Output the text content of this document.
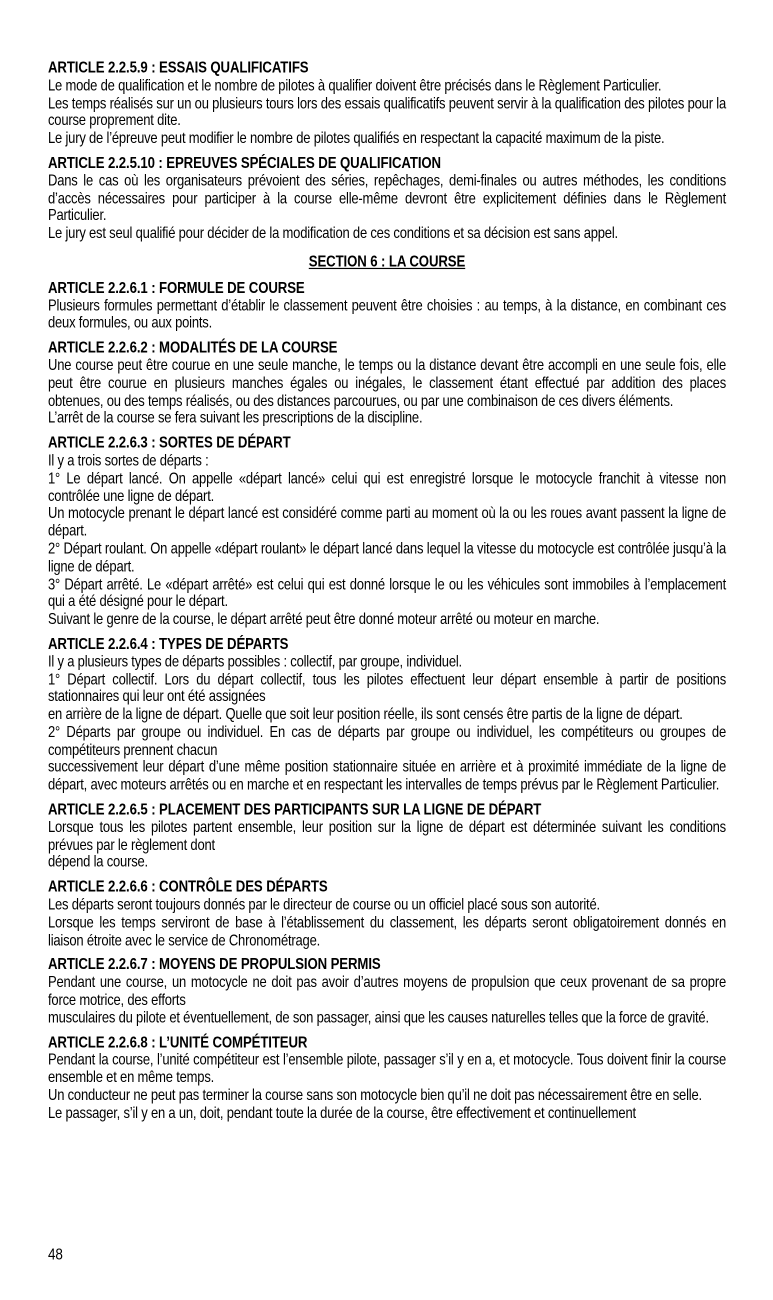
ARTICLE 2.2.5.9 : ESSAIS QUALIFICATIFS

Le mode de qualification et le nombre de pilotes à qualifier doivent être précisés dans le Règlement Particulier.

Les temps réalisés sur un ou plusieurs tours lors des essais qualificatifs peuvent servir à la qualification des pilotes pour la course proprement dite.

Le jury de l’épreuve peut modifier le nombre de pilotes qualifiés en respectant la capacité maximum de la piste.

ARTICLE 2.2.5.10 : EPREUVES SPÉCIALES DE QUALIFICATION

Dans le cas où les organisateurs prévoient des séries, repêchages, demi-finales ou autres méthodes, les conditions d’accès nécessaires pour participer à la course elle-même devront être explicitement définies dans le Règlement Particulier.

Le jury est seul qualifié pour décider de la modification de ces conditions et sa décision est sans appel.

SECTION 6 : LA COURSE
ARTICLE 2.2.6.1 : FORMULE DE COURSE

Plusieurs formules permettant d’établir le classement peuvent être choisies : au temps, à la distance, en combinant ces deux formules, ou aux points.

ARTICLE 2.2.6.2 : MODALITÉS DE LA COURSE

Une course peut être courue en une seule manche, le temps ou la distance devant être accompli en une seule fois, elle peut être courue en plusieurs manches égales ou inégales, le classement étant effectué par addition des places obtenues, ou des temps réalisés, ou des distances parcourues, ou par une combinaison de ces divers éléments.

L’arrêt de la course se fera suivant les prescriptions de la discipline.

ARTICLE 2.2.6.3 : SORTES DE DÉPART

Il y a trois sortes de départs :

1° Le départ lancé. On appelle «départ lancé» celui qui est enregistré lorsque le motocycle franchit à vitesse non contrôlée une ligne de départ.

Un motocycle prenant le départ lancé est considéré comme parti au moment où la ou les roues avant passent la ligne de départ.

2° Départ roulant. On appelle «départ roulant» le départ lancé dans lequel la vitesse du motocycle est contrôlée jusqu’à la ligne de départ.

3° Départ arrêté. Le «départ arrêté» est celui qui est donné lorsque le ou les véhicules sont immobiles à l’emplacement qui a été désigné pour le départ.

Suivant le genre de la course, le départ arrêté peut être donné moteur arrêté ou moteur en marche.

ARTICLE 2.2.6.4 : TYPES DE DÉPARTS

Il y a plusieurs types de départs possibles : collectif, par groupe, individuel.

1° Départ collectif. Lors du départ collectif, tous les pilotes effectuent leur départ ensemble à partir de positions stationnaires qui leur ont été assignées

en arrière de la ligne de départ. Quelle que soit leur position réelle, ils sont censés être partis de la ligne de départ.

2° Départs par groupe ou individuel. En cas de départs par groupe ou individuel, les compétiteurs ou groupes de compétiteurs prennent chacun

successivement leur départ d’une même position stationnaire située en arrière et à proximité immédiate de la ligne de départ, avec moteurs arrêtés ou en marche et en respectant les intervalles de temps prévus par le Règlement Particulier.

ARTICLE 2.2.6.5 : PLACEMENT DES PARTICIPANTS SUR LA LIGNE DE DÉPART

Lorsque tous les pilotes partent ensemble, leur position sur la ligne de départ est déterminée suivant les conditions prévues par le règlement dont

dépend la course.

ARTICLE 2.2.6.6 : CONTRÔLE DES DÉPARTS

Les départs seront toujours donnés par le directeur de course ou un officiel placé sous son autorité.

Lorsque les temps serviront de base à l’établissement du classement, les départs seront obligatoirement donnés en liaison étroite avec le service de Chronométrage.

ARTICLE 2.2.6.7 : MOYENS DE PROPULSION PERMIS

Pendant une course, un motocycle ne doit pas avoir d’autres moyens de propulsion que ceux provenant de sa propre force motrice, des efforts

musculaires du pilote et éventuellement, de son passager, ainsi que les causes naturelles telles que la force de gravité.

ARTICLE 2.2.6.8 : L’UNITÉ COMPÉTITEUR

Pendant la course, l’unité compétiteur est l’ensemble pilote, passager s’il y en a, et motocycle. Tous doivent finir la course ensemble et en même temps.

Un conducteur ne peut pas terminer la course sans son motocycle bien qu’il ne doit pas nécessairement être en selle.

Le passager, s’il y en a un, doit, pendant toute la durée de la course, être effectivement et continuellement

48
